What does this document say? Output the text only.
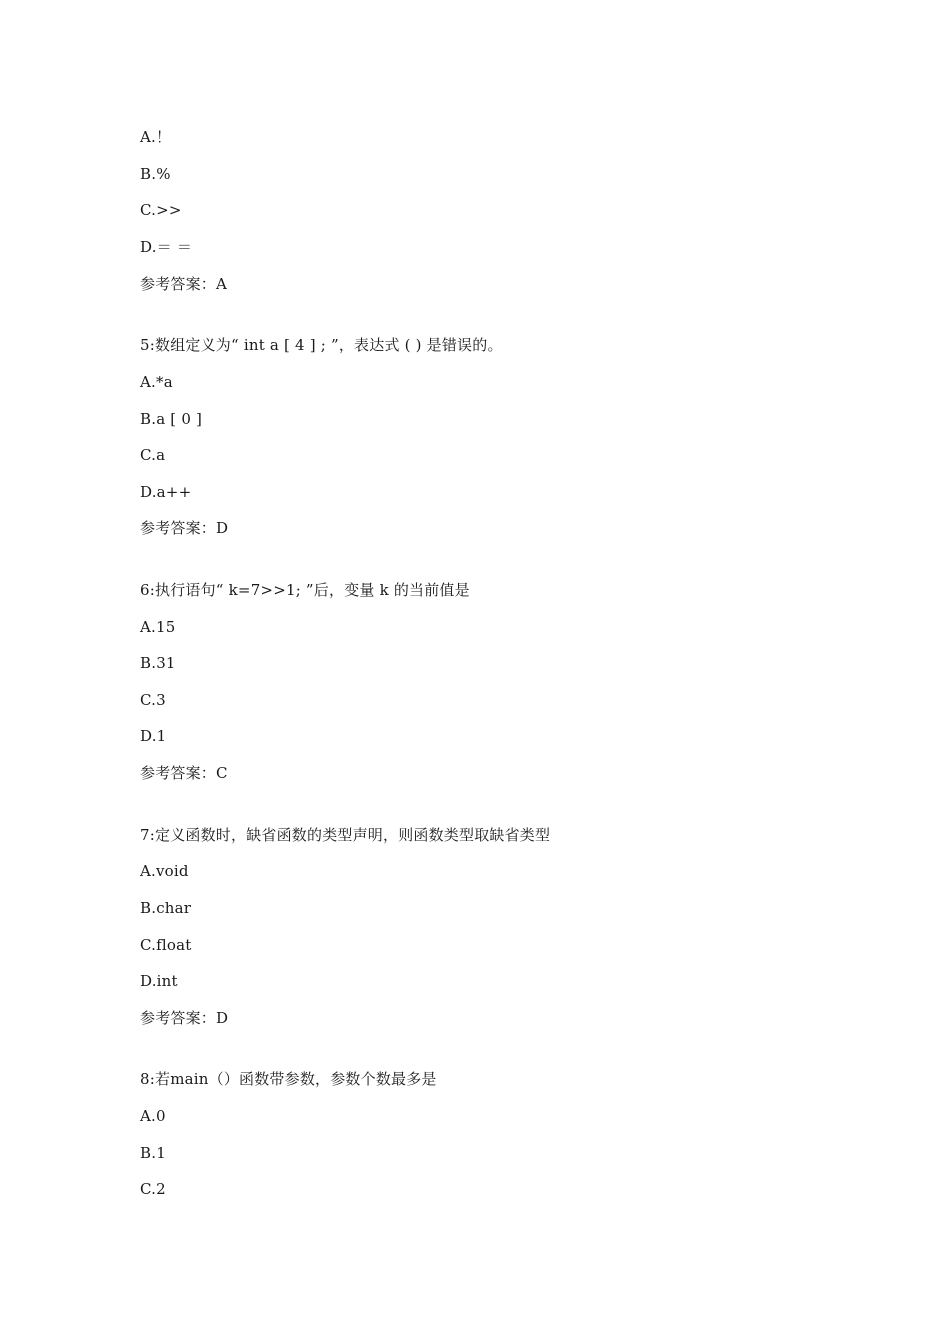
A.！
B.%
C.>>
D.＝ ＝
参考答案：A
5:数组定义为“ int a [ 4 ] ; ”，表达式 ( ) 是错误的。
A.*a
B.a [ 0 ]
C.a
D.a++
参考答案：D
6:执行语句“ k=7>>1; ”后，变量 k 的当前值是
A.15
B.31
C.3
D.1
参考答案：C
7:定义函数时，缺省函数的类型声明，则函数类型取缺省类型
A.void
B.char
C.float
D.int
参考答案：D
8:若main（）函数带参数，参数个数最多是
A.0
B.1
C.2
